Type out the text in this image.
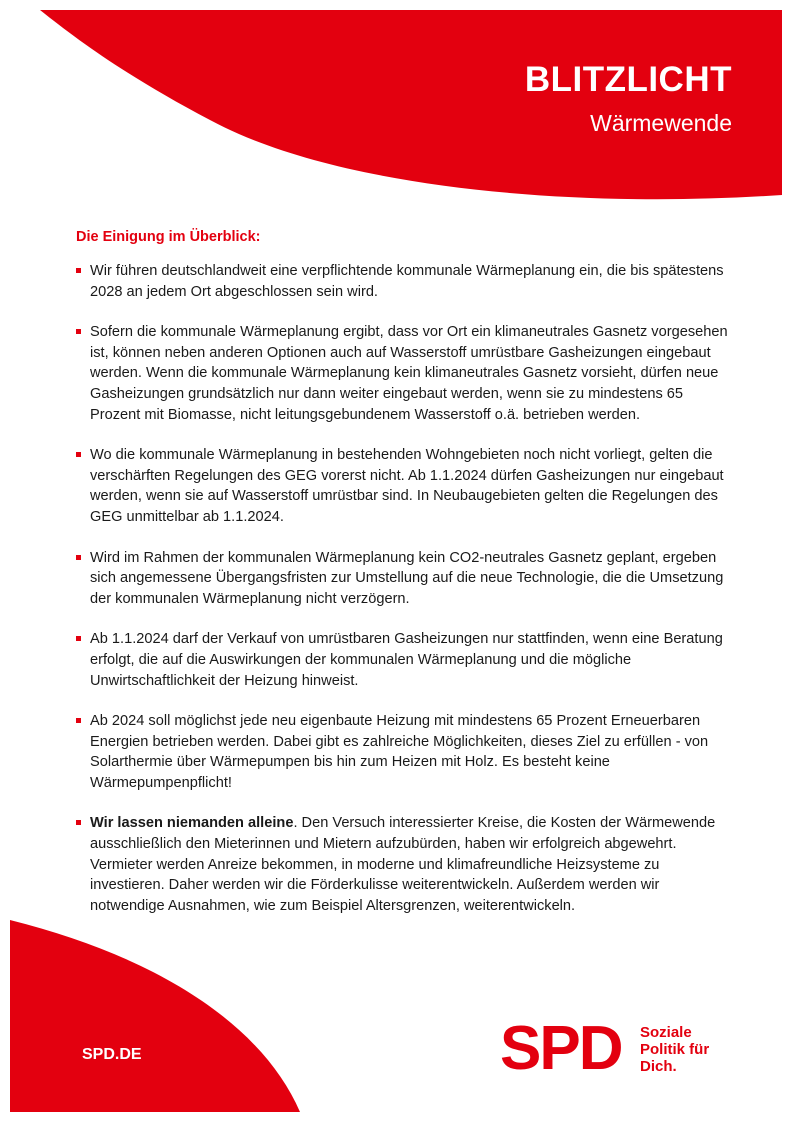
BLITZLICHT
Wärmewende
Die Einigung im Überblick:
Wir führen deutschlandweit eine verpflichtende kommunale Wärmeplanung ein, die bis spätestens 2028 an jedem Ort abgeschlossen sein wird.
Sofern die kommunale Wärmeplanung ergibt, dass vor Ort ein klimaneutrales Gasnetz vorgesehen ist, können neben anderen Optionen auch auf Wasserstoff umrüstbare Gasheizungen eingebaut werden. Wenn die kommunale Wärmeplanung kein klimaneutrales Gasnetz vorsieht, dürfen neue Gasheizungen grundsätzlich nur dann weiter eingebaut werden, wenn sie zu mindestens 65 Prozent mit Biomasse, nicht leitungsgebundenem Wasserstoff o.ä. betrieben werden.
Wo die kommunale Wärmeplanung in bestehenden Wohngebieten noch nicht vorliegt, gelten die verschärften Regelungen des GEG vorerst nicht. Ab 1.1.2024 dürfen Gasheizungen nur eingebaut werden, wenn sie auf Wasserstoff umrüstbar sind. In Neubaugebieten gelten die Regelungen des GEG unmittelbar ab 1.1.2024.
Wird im Rahmen der kommunalen Wärmeplanung kein CO2-neutrales Gasnetz geplant, ergeben sich angemessene Übergangsfristen zur Umstellung auf die neue Technologie, die die Umsetzung der kommunalen Wärmeplanung nicht verzögern.
Ab 1.1.2024 darf der Verkauf von umrüstbaren Gasheizungen nur stattfinden, wenn eine Beratung erfolgt, die auf die Auswirkungen der kommunalen Wärmeplanung und die mögliche Unwirtschaftlichkeit der Heizung hinweist.
Ab 2024 soll möglichst jede neu eigenbaute Heizung mit mindestens 65 Prozent Erneuerbaren Energien betrieben werden. Dabei gibt es zahlreiche Möglichkeiten, dieses Ziel zu erfüllen - von Solarthermie über Wärmepumpen bis hin zum Heizen mit Holz. Es besteht keine Wärmepumpenpflicht!
Wir lassen niemanden alleine. Den Versuch interessierter Kreise, die Kosten der Wärmewende ausschließlich den Mieterinnen und Mietern aufzubürden, haben wir erfolgreich abgewehrt. Vermieter werden Anreize bekommen, in moderne und klimafreundliche Heizsysteme zu investieren. Daher werden wir die Förderkulisse weiterentwickeln. Außerdem werden wir notwendige Ausnahmen, wie zum Beispiel Altersgrenzen, weiterentwickeln.
SPD.DE	SPD Soziale
Politik für
Dich.
